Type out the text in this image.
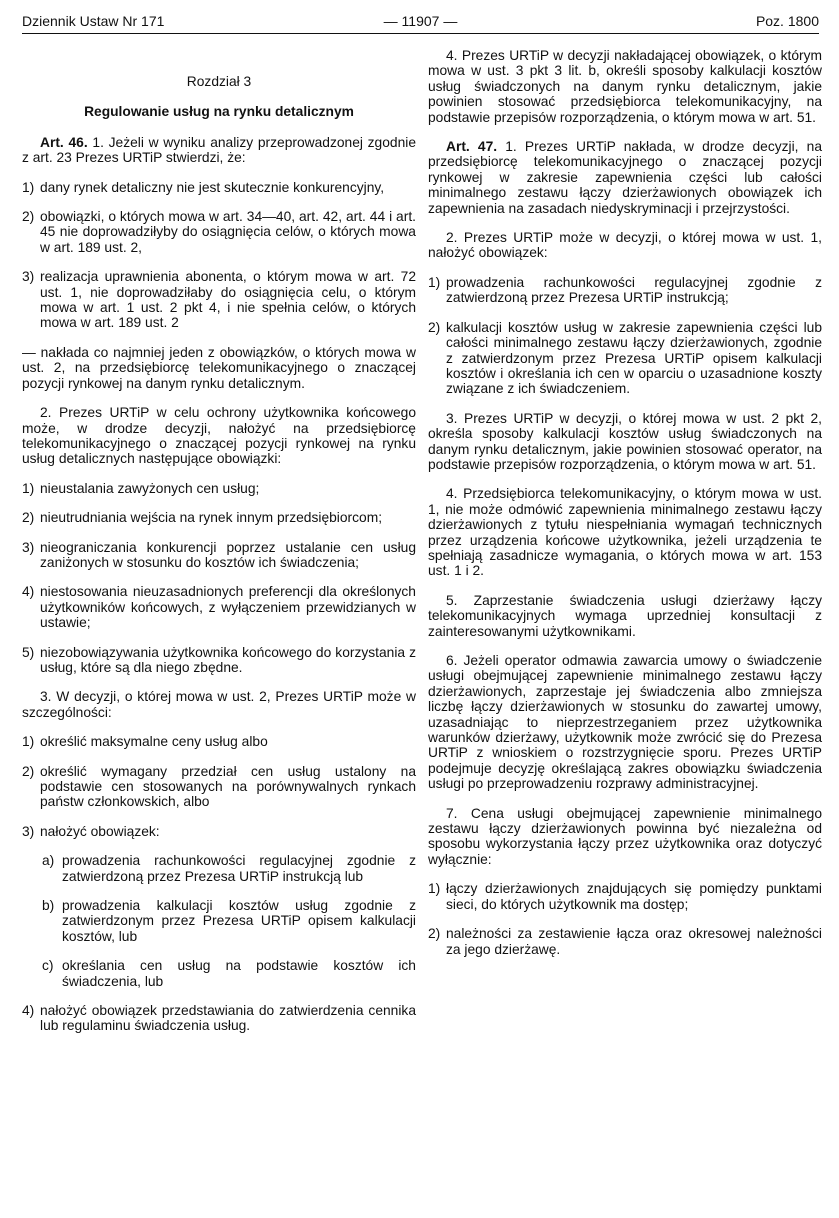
Dziennik Ustaw Nr 171	— 11907 —	Poz. 1800

Rozdział 3

Regulowanie usług na rynku detalicznym

Art. 46. 1. Jeżeli w wyniku analizy przeprowadzonej zgodnie z art. 23 Prezes URTiP stwierdzi, że:

1) dany rynek detaliczny nie jest skutecznie konkurencyjny,

2) obowiązki, o których mowa w art. 34—40, art. 42, art. 44 i art. 45 nie doprowadziłyby do osiągnięcia celów, o których mowa w art. 189 ust. 2,

3) realizacja uprawnienia abonenta, o którym mowa w art. 72 ust. 1, nie doprowadziłaby do osiągnięcia celu, o którym mowa w art. 1 ust. 2 pkt 4, i nie spełnia celów, o których mowa w art. 189 ust. 2

— nakłada co najmniej jeden z obowiązków, o których mowa w ust. 2, na przedsiębiorcę telekomunikacyjnego o znaczącej pozycji rynkowej na danym rynku detalicznym.

2. Prezes URTiP w celu ochrony użytkownika końcowego może, w drodze decyzji, nałożyć na przedsiębiorcę telekomunikacyjnego o znaczącej pozycji rynkowej na rynku usług detalicznych następujące obowiązki:

1) nieustalania zawyżonych cen usług;

2) nieutrudniania wejścia na rynek innym przedsiębiorcom;

3) nieograniczania konkurencji poprzez ustalanie cen usług zaniżonych w stosunku do kosztów ich świadczenia;

4) niestosowania nieuzasadnionych preferencji dla określonych użytkowników końcowych, z wyłączeniem przewidzianych w ustawie;

5) niezobowiązywania użytkownika końcowego do korzystania z usług, które są dla niego zbędne.

3. W decyzji, o której mowa w ust. 2, Prezes URTiP może w szczególności:

1) określić maksymalne ceny usług albo

2) określić wymagany przedział cen usług ustalony na podstawie cen stosowanych na porównywalnych rynkach państw członkowskich, albo

3) nałożyć obowiązek:

a) prowadzenia rachunkowości regulacyjnej zgodnie z zatwierdzoną przez Prezesa URTiP instrukcją lub

b) prowadzenia kalkulacji kosztów usług zgodnie z zatwierdzonym przez Prezesa URTiP opisem kalkulacji kosztów, lub

c) określania cen usług na podstawie kosztów ich świadczenia, lub

4) nałożyć obowiązek przedstawiania do zatwierdzenia cennika lub regulaminu świadczenia usług.

4. Prezes URTiP w decyzji nakładającej obowiązek, o którym mowa w ust. 3 pkt 3 lit. b, określi sposoby kalkulacji kosztów usług świadczonych na danym rynku detalicznym, jakie powinien stosować przedsiębiorca telekomunikacyjny, na podstawie przepisów rozporządzenia, o którym mowa w art. 51.

Art. 47. 1. Prezes URTiP nakłada, w drodze decyzji, na przedsiębiorcę telekomunikacyjnego o znaczącej pozycji rynkowej w zakresie zapewnienia części lub całości minimalnego zestawu łączy dzierżawionych obowiązek ich zapewnienia na zasadach niedyskryminacji i przejrzystości.

2. Prezes URTiP może w decyzji, o której mowa w ust. 1, nałożyć obowiązek:

1) prowadzenia rachunkowości regulacyjnej zgodnie z zatwierdzoną przez Prezesa URTiP instrukcją;

2) kalkulacji kosztów usług w zakresie zapewnienia części lub całości minimalnego zestawu łączy dzierżawionych, zgodnie z zatwierdzonym przez Prezesa URTiP opisem kalkulacji kosztów i określania ich cen w oparciu o uzasadnione koszty związane z ich świadczeniem.

3. Prezes URTiP w decyzji, o której mowa w ust. 2 pkt 2, określa sposoby kalkulacji kosztów usług świadczonych na danym rynku detalicznym, jakie powinien stosować operator, na podstawie przepisów rozporządzenia, o którym mowa w art. 51.

4. Przedsiębiorca telekomunikacyjny, o którym mowa w ust. 1, nie może odmówić zapewnienia minimalnego zestawu łączy dzierżawionych z tytułu niespełniania wymagań technicznych przez urządzenia końcowe użytkownika, jeżeli urządzenia te spełniają zasadnicze wymagania, o których mowa w art. 153 ust. 1 i 2.

5. Zaprzestanie świadczenia usługi dzierżawy łączy telekomunikacyjnych wymaga uprzedniej konsultacji z zainteresowanymi użytkownikami.

6. Jeżeli operator odmawia zawarcia umowy o świadczenie usługi obejmującej zapewnienie minimalnego zestawu łączy dzierżawionych, zaprzestaje jej świadczenia albo zmniejsza liczbę łączy dzierżawionych w stosunku do zawartej umowy, uzasadniając to nieprzestrzeganiem przez użytkownika warunków dzierżawy, użytkownik może zwrócić się do Prezesa URTiP z wnioskiem o rozstrzygnięcie sporu. Prezes URTiP podejmuje decyzję określającą zakres obowiązku świadczenia usługi po przeprowadzeniu rozprawy administracyjnej.

7. Cena usługi obejmującej zapewnienie minimalnego zestawu łączy dzierżawionych powinna być niezależna od sposobu wykorzystania łączy przez użytkownika oraz dotyczyć wyłącznie:

1) łączy dzierżawionych znajdujących się pomiędzy punktami sieci, do których użytkownik ma dostęp;

2) należności za zestawienie łącza oraz okresowej należności za jego dzierżawę.
